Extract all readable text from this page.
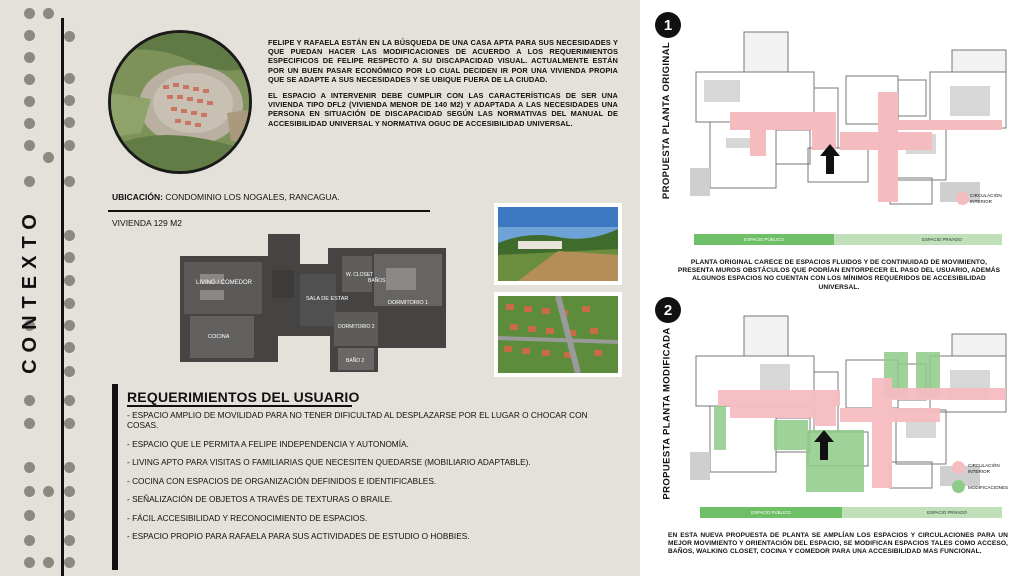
CONTEXTO

FELIPE Y RAFAELA ESTÁN EN LA BÚSQUEDA DE UNA CASA APTA PARA SUS NECESIDADES Y QUE PUEDAN HACER LAS MODIFICACIONES DE ACUERDO A LOS REQUERIMIENTOS ESPECIFICOS DE FELIPE RESPECTO A SU DISCAPACIDAD VISUAL. ACTUALMENTE ESTÁN POR UN BUEN PASAR ECONÓMICO POR LO CUAL DECIDEN IR POR UNA VIVIENDA PROPIA QUE SE ADAPTE A SUS NECESIDADES Y SE UBIQUE FUERA DE LA CIUDAD.

EL ESPACIO A INTERVENIR DEBE CUMPLIR CON LAS CARACTERÍSTICAS DE SER UNA VIVIENDA TIPO DFL2 (VIVIENDA MENOR DE 140 M2) Y ADAPTADA A LAS NECESIDADES UNA PERSONA EN SITUACIÓN DE DISCAPACIDAD SEGÚN LAS NORMATIVAS DEL MANUAL DE ACCESIBILIDAD UNIVERSAL Y NORMATIVA OGUC DE ACCESIBILIDAD UNIVERSAL.

UBICACIÓN: CONDOMINIO LOS NOGALES, RANCAGUA.
VIVIENDA 129 M2
LIVING / COMEDOR
SALA DE ESTAR
W. CLOSET
BAÑOS
DORMITORIO 1
DORMITORIO 2
COCINA
BAÑO 2
REQUERIMIENTOS DEL USUARIO
- ESPACIO AMPLIO DE MOVILIDAD PARA NO TENER DIFICULTAD AL DESPLAZARSE POR EL LUGAR O CHOCAR CON COSAS.
- ESPACIO QUE LE PERMITA A FELIPE INDEPENDENCIA Y AUTONOMÍA.
- LIVING APTO PARA VISITAS O FAMILIARIAS QUE NECESITEN QUEDARSE (MOBILIARIO ADAPTABLE).
- COCINA CON ESPACIOS DE ORGANIZACIÓN DEFINIDOS E IDENTIFICABLES.
- SEÑALIZACIÓN DE OBJETOS A TRAVÉS DE TEXTURAS O BRAILE.
- FÁCIL ACCESIBILIDAD Y RECONOCIMIENTO DE ESPACIOS.
- ESPACIO PROPIO PARA RAFAELA PARA SUS ACTIVIDADES DE ESTUDIO O HOBBIES.
1
PROPUESTA PLANTA ORIGINAL
ESPACIO PÚBLICO	ESPACIO PRIVADO
CIRCULACIÓN INTERIOR
PLANTA ORIGINAL CARECE DE ESPACIOS FLUIDOS Y DE CONTINUIDAD DE MOVIMIENTO, PRESENTA MUROS OBSTÁCULOS QUE PODRÍAN ENTORPECER EL PASO DEL USUARIO, ADEMÁS ALGUNOS ESPACIOS NO CUENTAN CON LOS MÍNIMOS REQUERIDOS DE ACCESIBILIDAD UNIVERSAL.
2
PROPUESTA PLANTA MODIFICADA
ESPACIO PÚBLICO	ESPACIO PRIVADO
CIRCULACIÓN INTERIOR
MODIFICACIONES
EN ESTA NUEVA PROPUESTA DE PLANTA SE AMPLÍAN LOS ESPACIOS Y CIRCULACIONES PARA UN MEJOR MOVIMIENTO Y ORIENTACIÓN DEL ESPACIO, SE MODIFICAN ESPACIOS TALES COMO ACCESO, BAÑOS, WALKING CLOSET, COCINA Y COMEDOR PARA UNA ACCESIBILIDAD MAS FUNCIONAL.
